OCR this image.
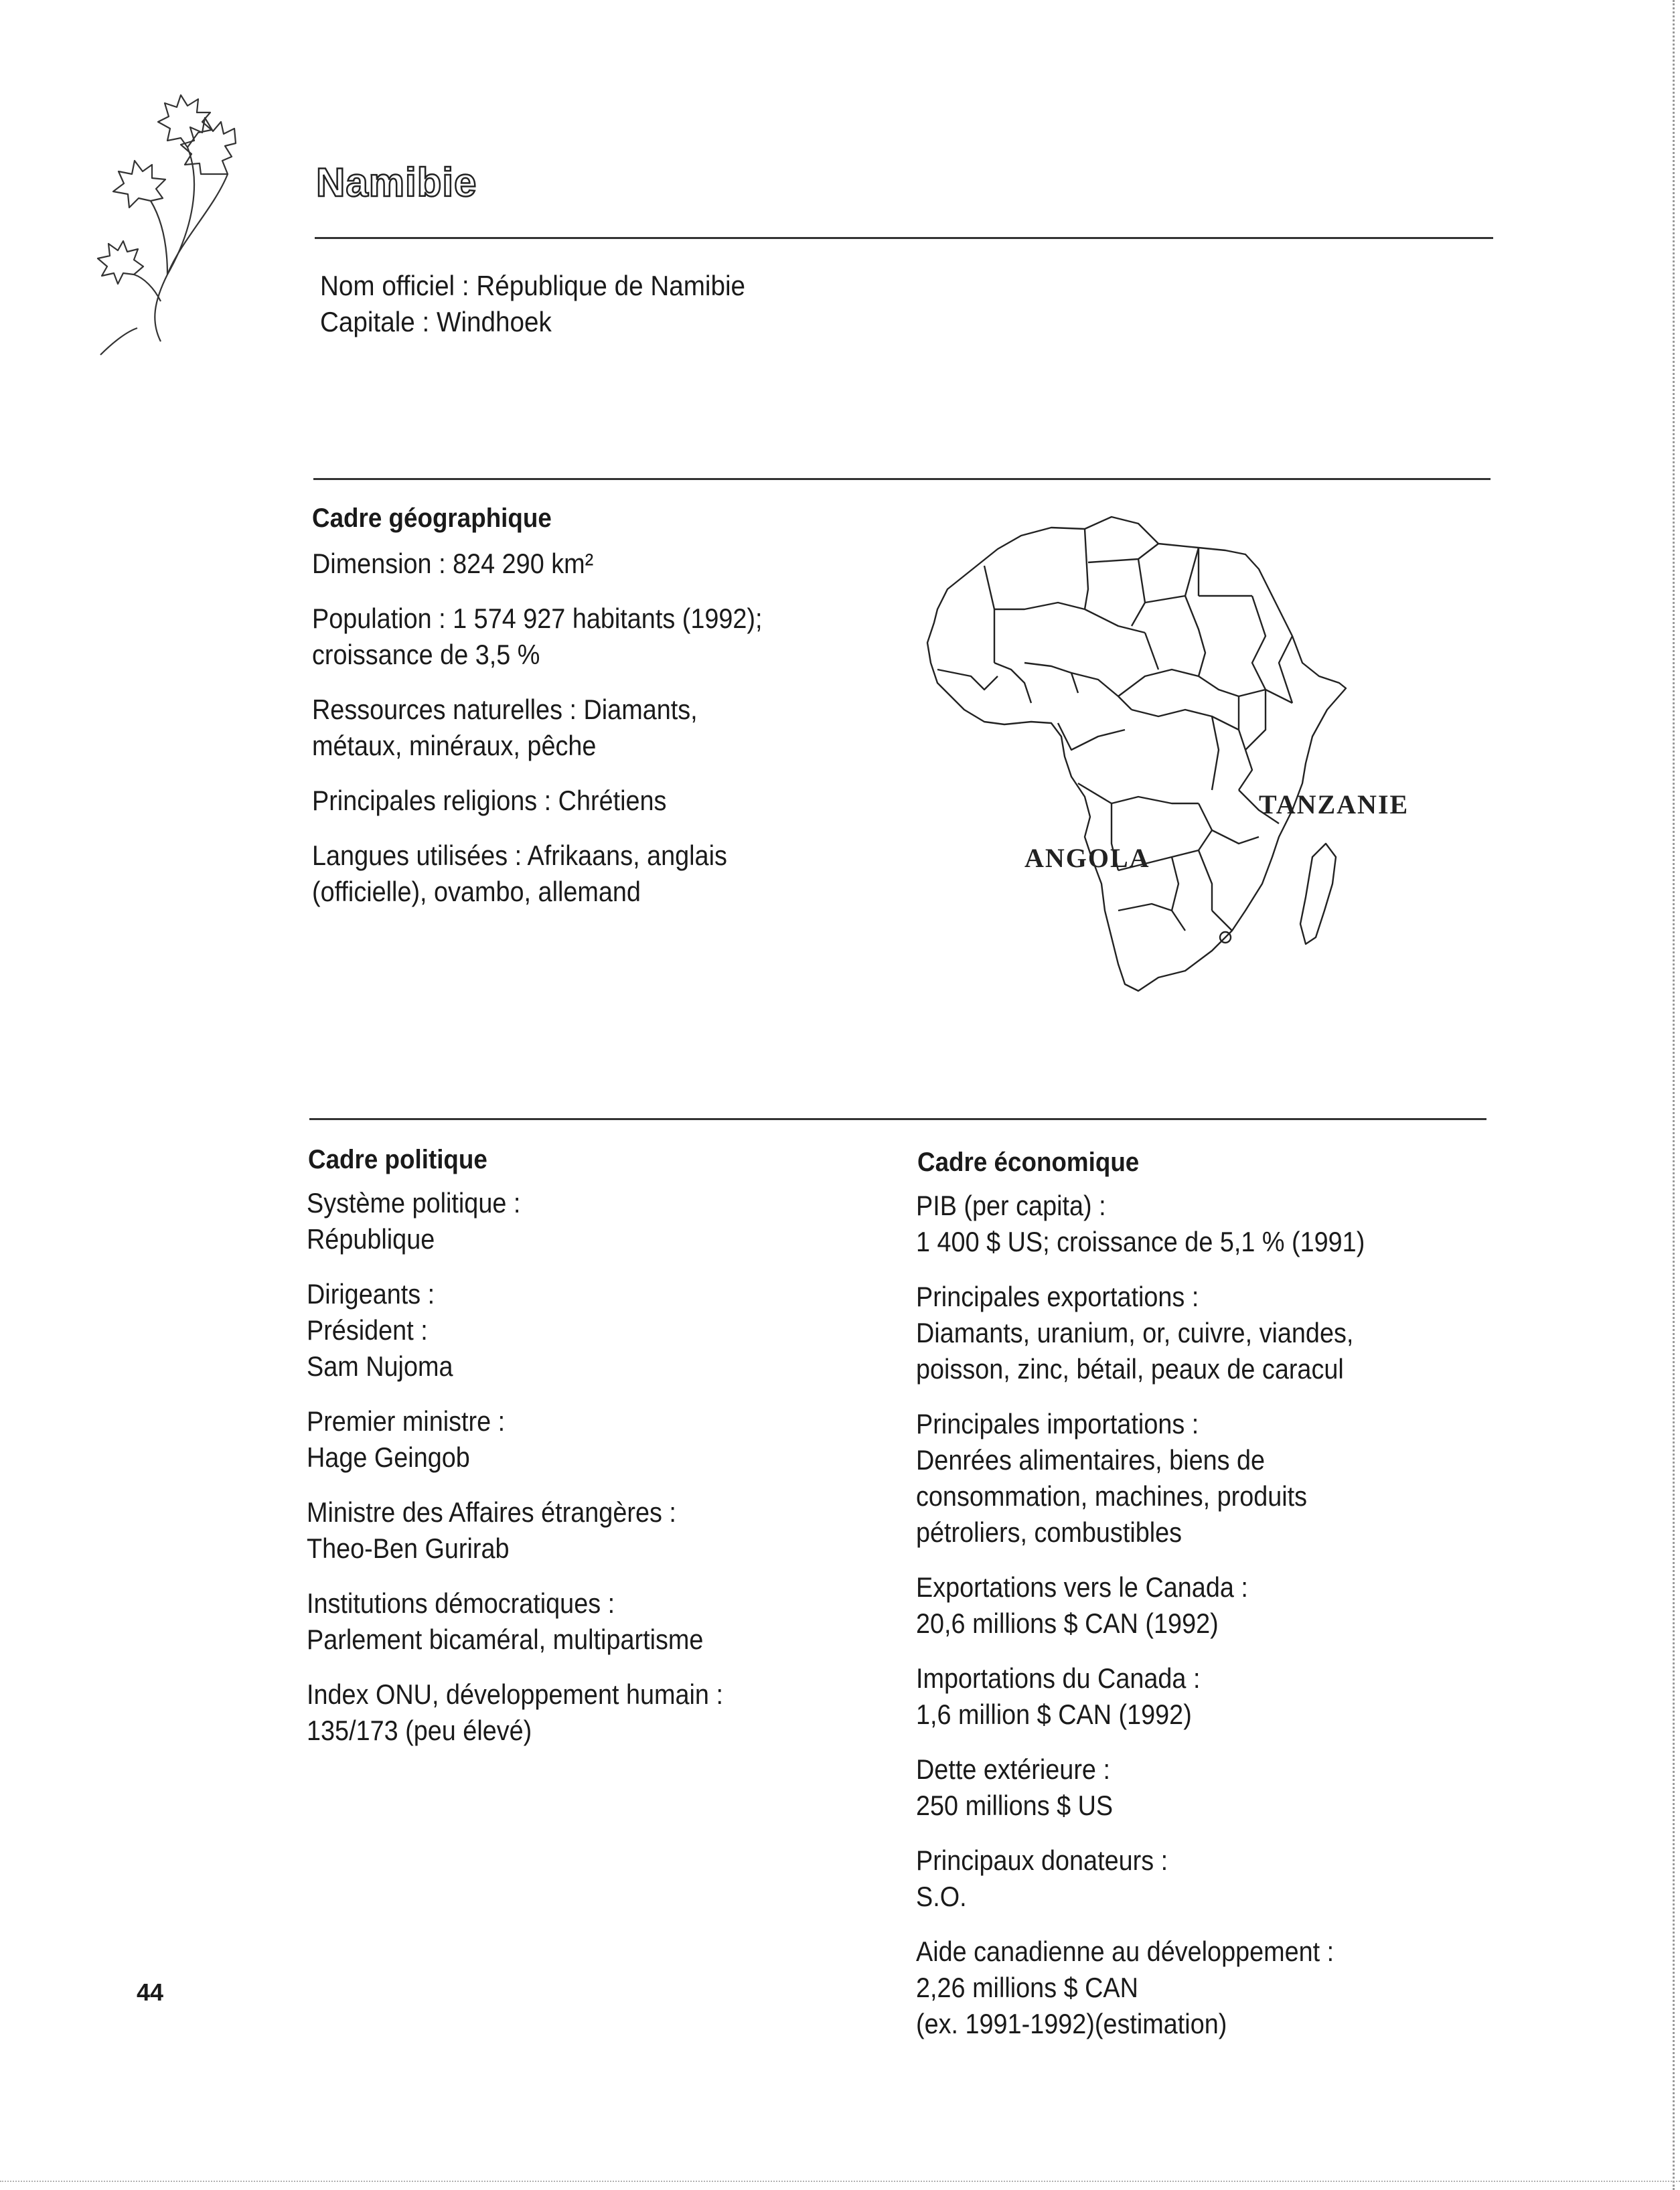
Namibie
Nom officiel : République de Namibie
Capitale : Windhoek
Cadre géographique
Dimension : 824 290 km²
Population : 1 574 927 habitants (1992);
croissance de 3,5 %
Ressources naturelles : Diamants,
métaux, minéraux, pêche
Principales religions : Chrétiens
Langues utilisées : Afrikaans, anglais
(officielle), ovambo, allemand
TANZANIE
ANGOLA
Cadre politique
Système politique :
République
Dirigeants :
Président :
Sam Nujoma
Premier ministre :
Hage Geingob
Ministre des Affaires étrangères :
Theo-Ben Gurirab
Institutions démocratiques :
Parlement bicaméral, multipartisme
Index ONU, développement humain :
135/173 (peu élevé)
Cadre économique
PIB (per capita) :
1 400 $ US; croissance de 5,1 % (1991)
Principales exportations :
Diamants, uranium, or, cuivre, viandes,
poisson, zinc, bétail, peaux de caracul
Principales importations :
Denrées alimentaires, biens de
consommation, machines, produits
pétroliers, combustibles
Exportations vers le Canada :
20,6 millions $ CAN (1992)
Importations du Canada :
1,6 million $ CAN (1992)
Dette extérieure :
250 millions $ US
Principaux donateurs :
S.O.
Aide canadienne au développement :
2,26 millions $ CAN
(ex. 1991-1992)(estimation)
44
